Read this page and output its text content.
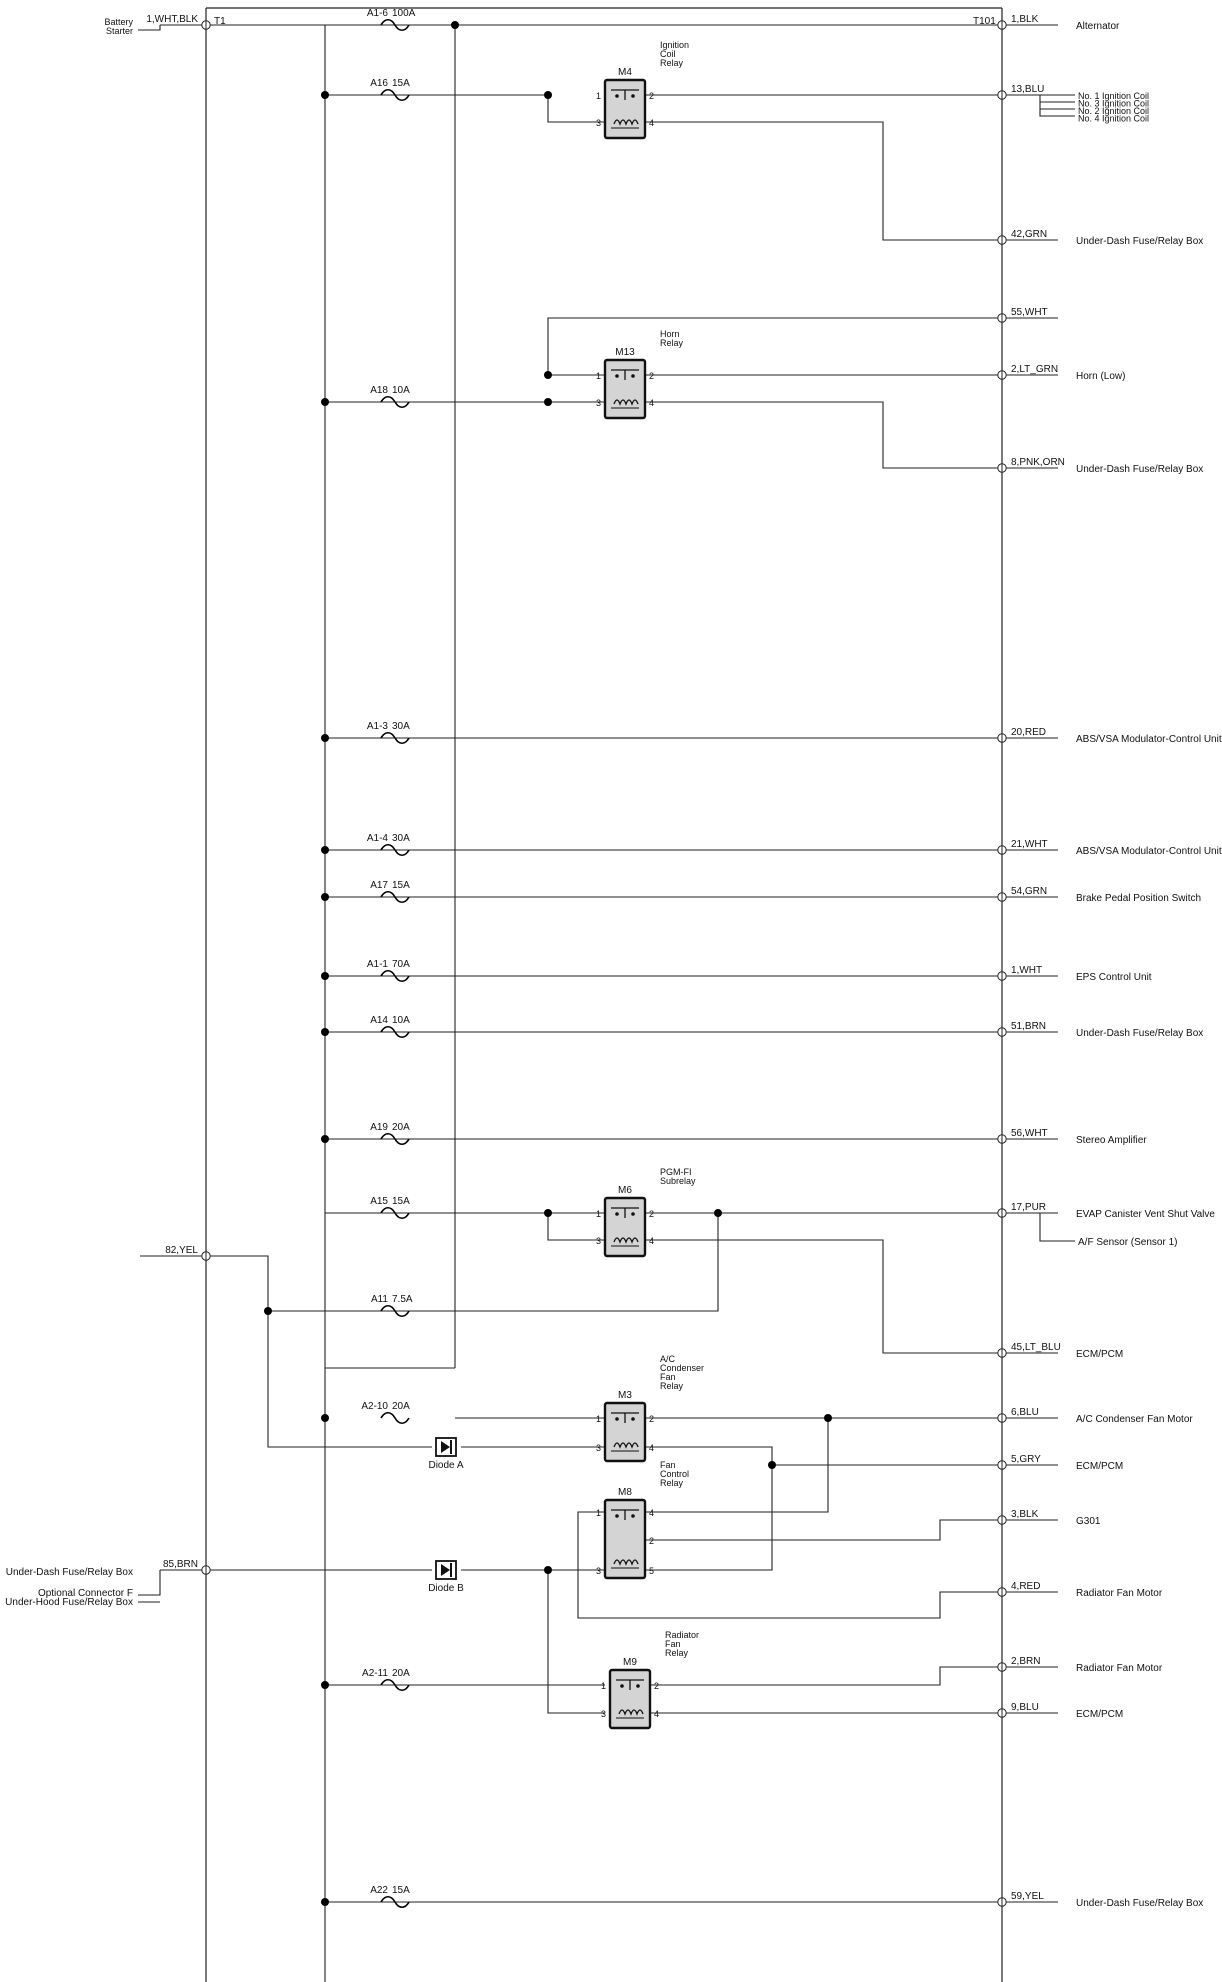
T1	T101
A1-6 100A
A16 15A
A18 10A
A1-3 30A
A1-4 30A
A17 15A
A1-1 70A
A14 10A
A19 20A
A15 15A
A11 7.5A
A2-10 20A
A2-11 20A
A22 15A
1	2
3	4
M4
Ignition
Coil
Relay
1	2
3	4
M13
Horn
Relay
1	2
3	4
M6
PGM-FI
Subrelay
1	2
3	4
M3
A/C
Condenser
Fan
Relay
1	4
2
3	5
M8
Fan
Control
Relay
1	2
3	4
M9
Radiator
Fan
Relay
Diode A
Diode B
1,BLK
Alternator
13,BLU
No. 1 Ignition Coil
No. 3 Ignition Coil
No. 2 Ignition Coil
No. 4 Ignition Coil
42,GRN
Under-Dash Fuse/Relay Box
55,WHT
2,LT_GRN
Horn (Low)
8,PNK,ORN
Under-Dash Fuse/Relay Box
20,RED
ABS/VSA Modulator-Control Unit
21,WHT
ABS/VSA Modulator-Control Unit
54,GRN
Brake Pedal Position Switch
1,WHT
EPS Control Unit
51,BRN
Under-Dash Fuse/Relay Box
56,WHT
Stereo Amplifier
17,PUR
EVAP Canister Vent Shut Valve
A/F Sensor (Sensor 1)
45,LT_BLU
ECM/PCM
6,BLU
A/C Condenser Fan Motor
5,GRY
ECM/PCM
3,BLK
G301
4,RED
Radiator Fan Motor
2,BRN
Radiator Fan Motor
9,BLU
ECM/PCM
59,YEL
Under-Dash Fuse/Relay Box
1,WHT,BLK
Battery
Starter
82,YEL
85,BRN
Under-Dash Fuse/Relay Box
Optional Connector F
Under-Hood Fuse/Relay Box
